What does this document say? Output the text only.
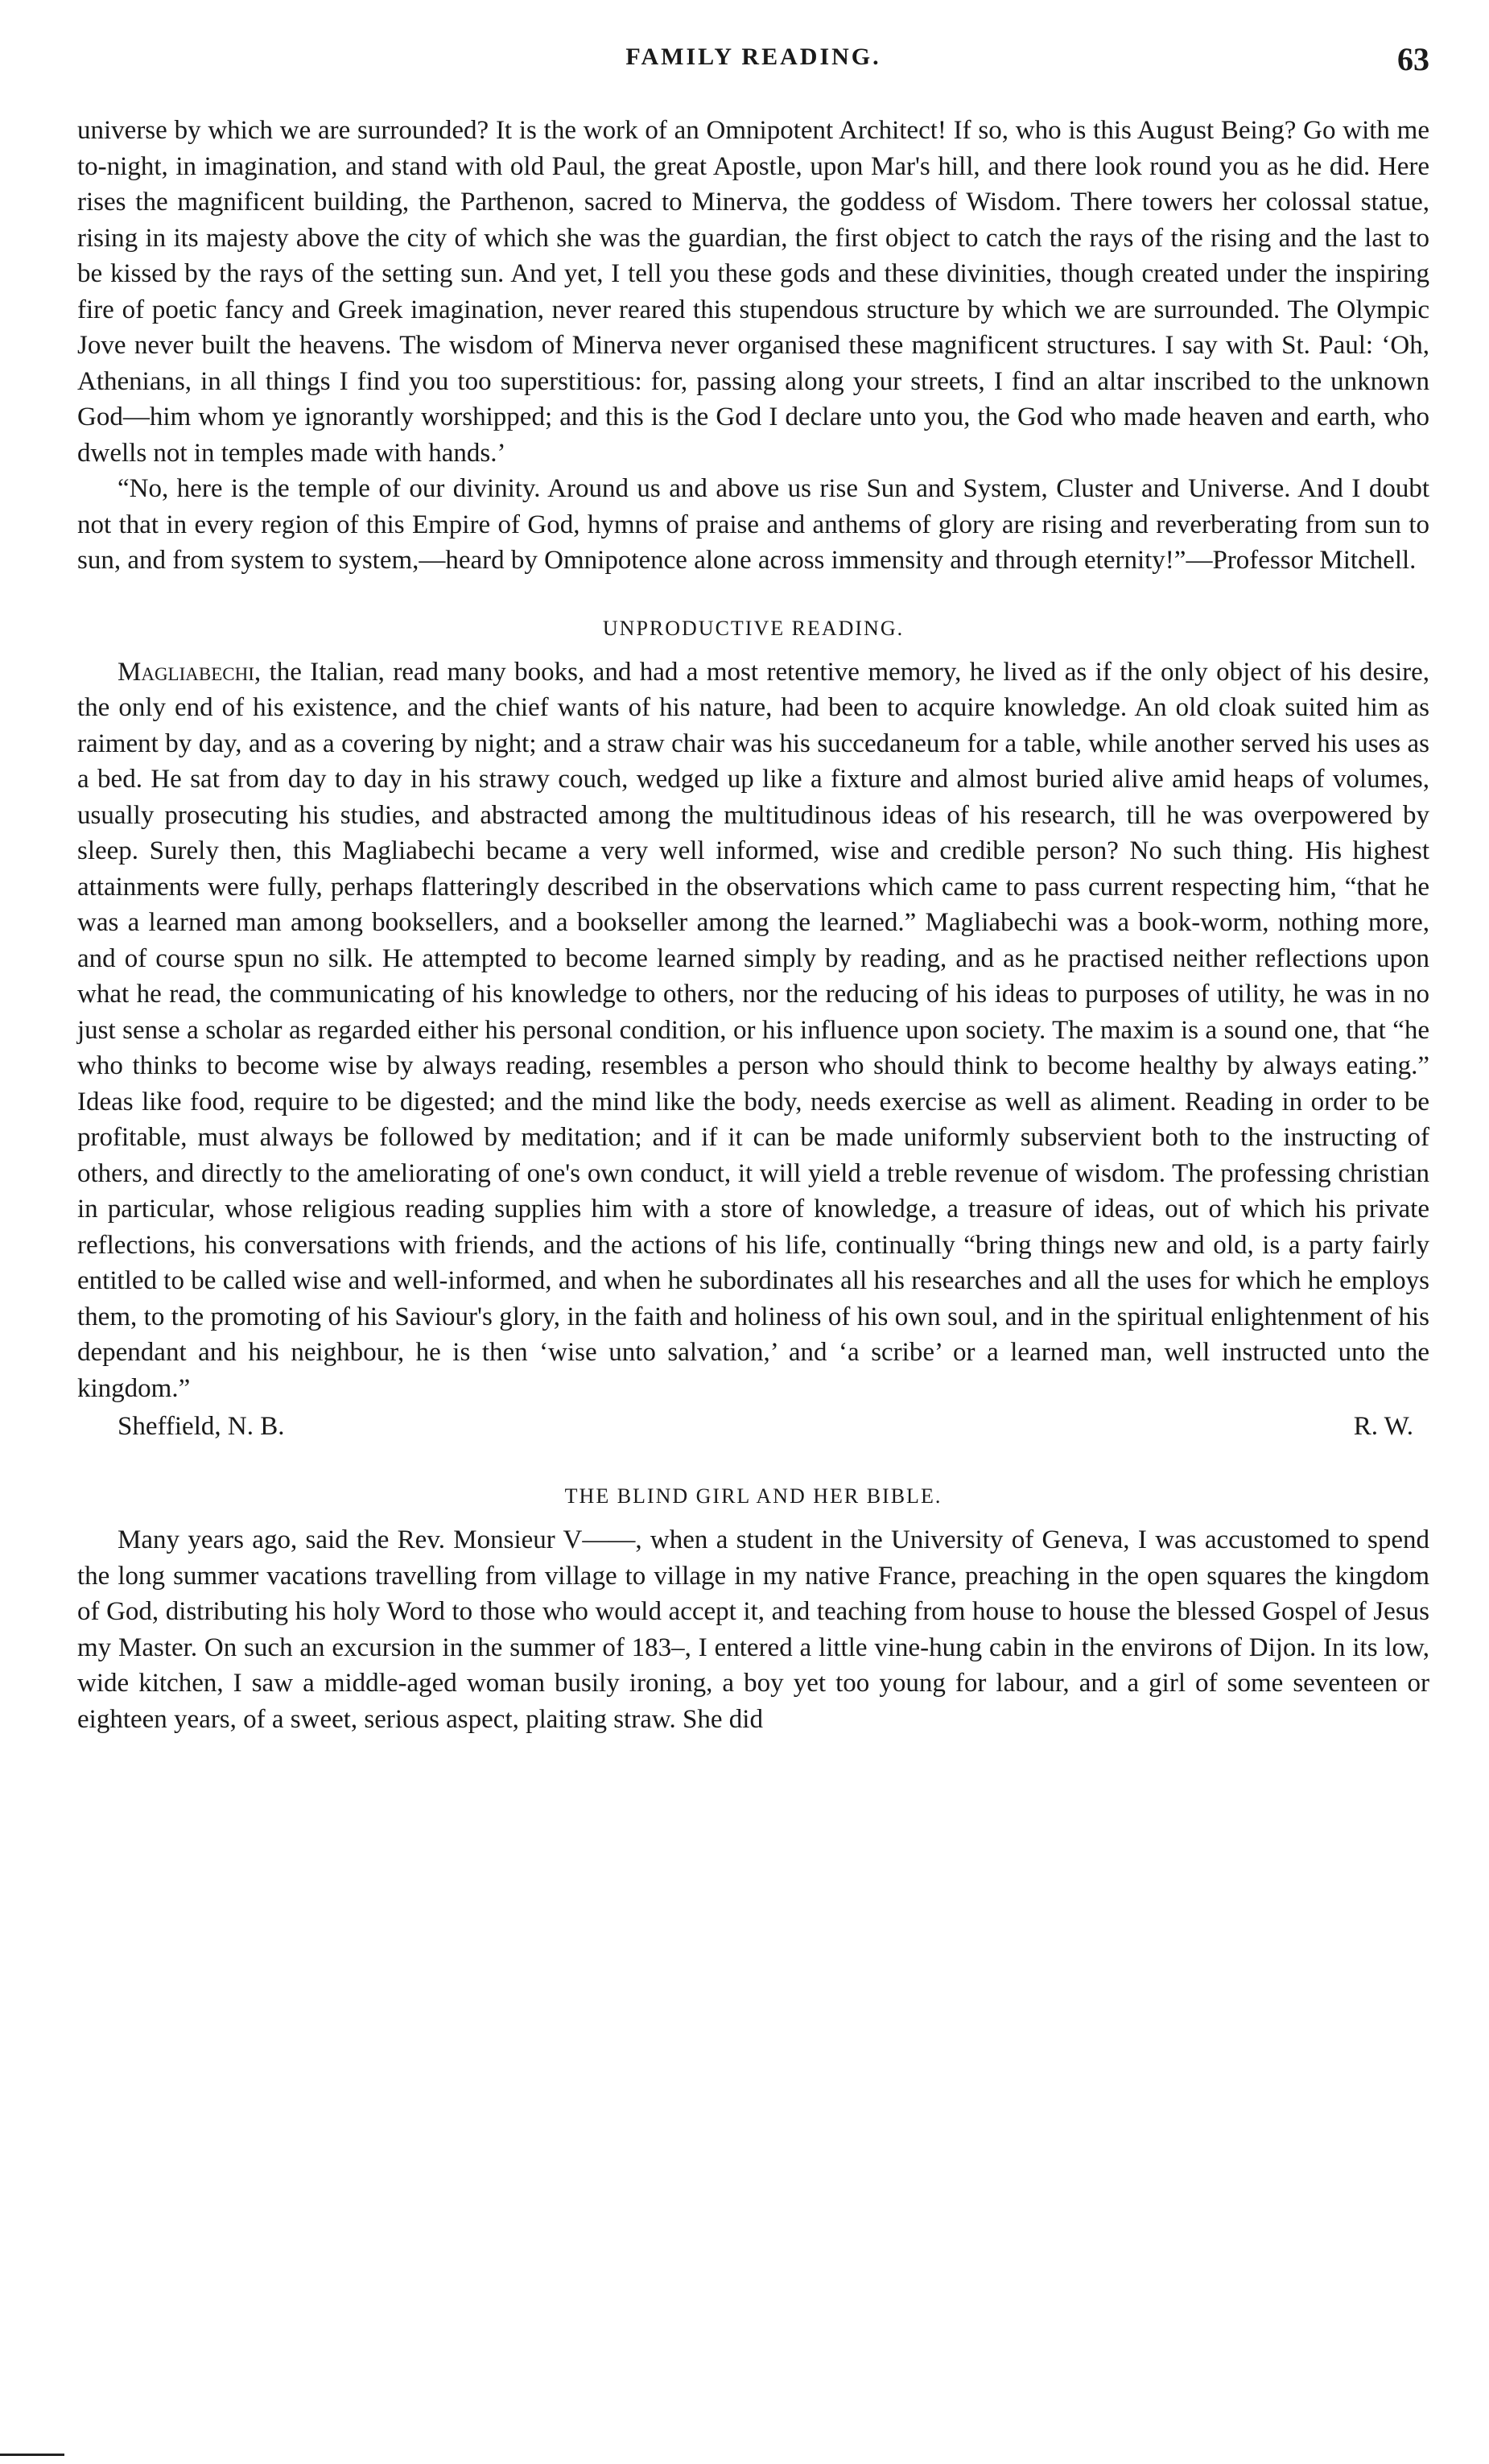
FAMILY READING.	63

universe by which we are surrounded? It is the work of an Omnipotent Architect! If so, who is this August Being? Go with me to-night, in imagination, and stand with old Paul, the great Apostle, upon Mar's hill, and there look round you as he did. Here rises the magnificent building, the Parthenon, sacred to Minerva, the goddess of Wisdom. There towers her colossal statue, rising in its majesty above the city of which she was the guardian, the first object to catch the rays of the rising and the last to be kissed by the rays of the setting sun. And yet, I tell you these gods and these divinities, though created under the inspiring fire of poetic fancy and Greek imagination, never reared this stupendous structure by which we are surrounded. The Olympic Jove never built the heavens. The wisdom of Minerva never organised these magnificent structures. I say with St. Paul: ‘Oh, Athenians, in all things I find you too superstitious: for, passing along your streets, I find an altar inscribed to the unknown God—him whom ye ignorantly worshipped; and this is the God I declare unto you, the God who made heaven and earth, who dwells not in temples made with hands.’

“No, here is the temple of our divinity. Around us and above us rise Sun and System, Cluster and Universe. And I doubt not that in every region of this Empire of God, hymns of praise and anthems of glory are rising and reverberating from sun to sun, and from system to system,—heard by Omnipotence alone across immensity and through eternity!”—Professor Mitchell.

UNPRODUCTIVE READING.

Magliabechi, the Italian, read many books, and had a most retentive memory, he lived as if the only object of his desire, the only end of his existence, and the chief wants of his nature, had been to acquire knowledge. An old cloak suited him as raiment by day, and as a covering by night; and a straw chair was his succedaneum for a table, while another served his uses as a bed. He sat from day to day in his strawy couch, wedged up like a fixture and almost buried alive amid heaps of volumes, usually prosecuting his studies, and abstracted among the multitudinous ideas of his research, till he was overpowered by sleep. Surely then, this Magliabechi became a very well informed, wise and credible person? No such thing. His highest attainments were fully, perhaps flatteringly described in the observations which came to pass current respecting him, “that he was a learned man among booksellers, and a bookseller among the learned.” Magliabechi was a book-worm, nothing more, and of course spun no silk. He attempted to become learned simply by reading, and as he practised neither reflections upon what he read, the communicating of his knowledge to others, nor the reducing of his ideas to purposes of utility, he was in no just sense a scholar as regarded either his personal condition, or his influence upon society. The maxim is a sound one, that “he who thinks to become wise by always reading, resembles a person who should think to become healthy by always eating.” Ideas like food, require to be digested; and the mind like the body, needs exercise as well as aliment. Reading in order to be profitable, must always be followed by meditation; and if it can be made uniformly subservient both to the instructing of others, and directly to the ameliorating of one's own conduct, it will yield a treble revenue of wisdom. The professing christian in particular, whose religious reading supplies him with a store of knowledge, a treasure of ideas, out of which his private reflections, his conversations with friends, and the actions of his life, continually “bring things new and old, is a party fairly entitled to be called wise and well-informed, and when he subordinates all his researches and all the uses for which he employs them, to the promoting of his Saviour's glory, in the faith and holiness of his own soul, and in the spiritual enlightenment of his dependant and his neighbour, he is then ‘wise unto salvation,’ and ‘a scribe’ or a learned man, well instructed unto the kingdom.”

Sheffield, N. B.	R. W.
THE BLIND GIRL AND HER BIBLE.

Many years ago, said the Rev. Monsieur V——, when a student in the University of Geneva, I was accustomed to spend the long summer vacations travelling from village to village in my native France, preaching in the open squares the kingdom of God, distributing his holy Word to those who would accept it, and teaching from house to house the blessed Gospel of Jesus my Master. On such an excursion in the summer of 183–, I entered a little vine-hung cabin in the environs of Dijon. In its low, wide kitchen, I saw a middle-aged woman busily ironing, a boy yet too young for labour, and a girl of some seventeen or eighteen years, of a sweet, serious aspect, plaiting straw. She did
